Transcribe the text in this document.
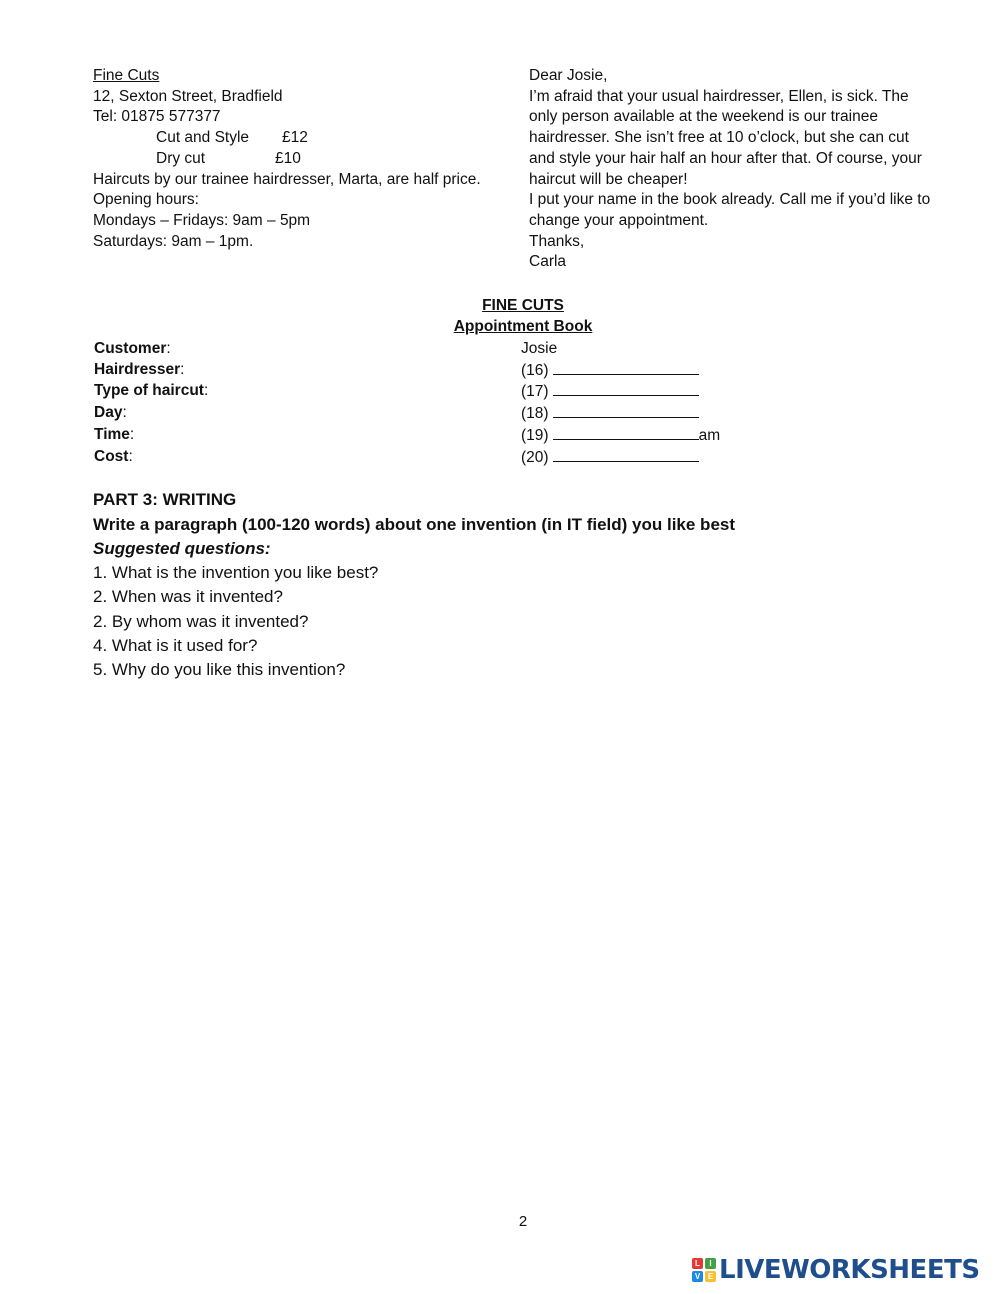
Fine Cuts
12, Sexton Street, Bradfield
Tel: 01875 577377
Cut and Style	£12
Dry cut	£10
Haircuts by our trainee hairdresser, Marta, are half price.
Opening hours:
Mondays – Fridays: 9am – 5pm
Saturdays: 9am – 1pm.
Dear Josie,
I’m afraid that your usual hairdresser, Ellen, is sick. The
only person available at the weekend is our trainee
hairdresser. She isn’t free at 10 o’clock, but she can cut
and style your hair half an hour after that. Of course, your
haircut will be cheaper!
I put your name in the book already. Call me if you’d like to
change your appointment.
Thanks,
Carla
FINE CUTS
Appointment Book
Customer:	Josie
Hairdresser:	(16)
Type of haircut:	(17)
Day:	(18)
Time:	(19)	am
Cost:	(20)
PART 3: WRITING
Write a paragraph (100-120 words) about one invention (in IT field) you like best
Suggested questions:
1. What is the invention you like best?
2. When was it invented?
2. By whom was it invented?
4. What is it used for?
5. Why do you like this invention?
2
L	I
V E LIVEWORKSHEETS
